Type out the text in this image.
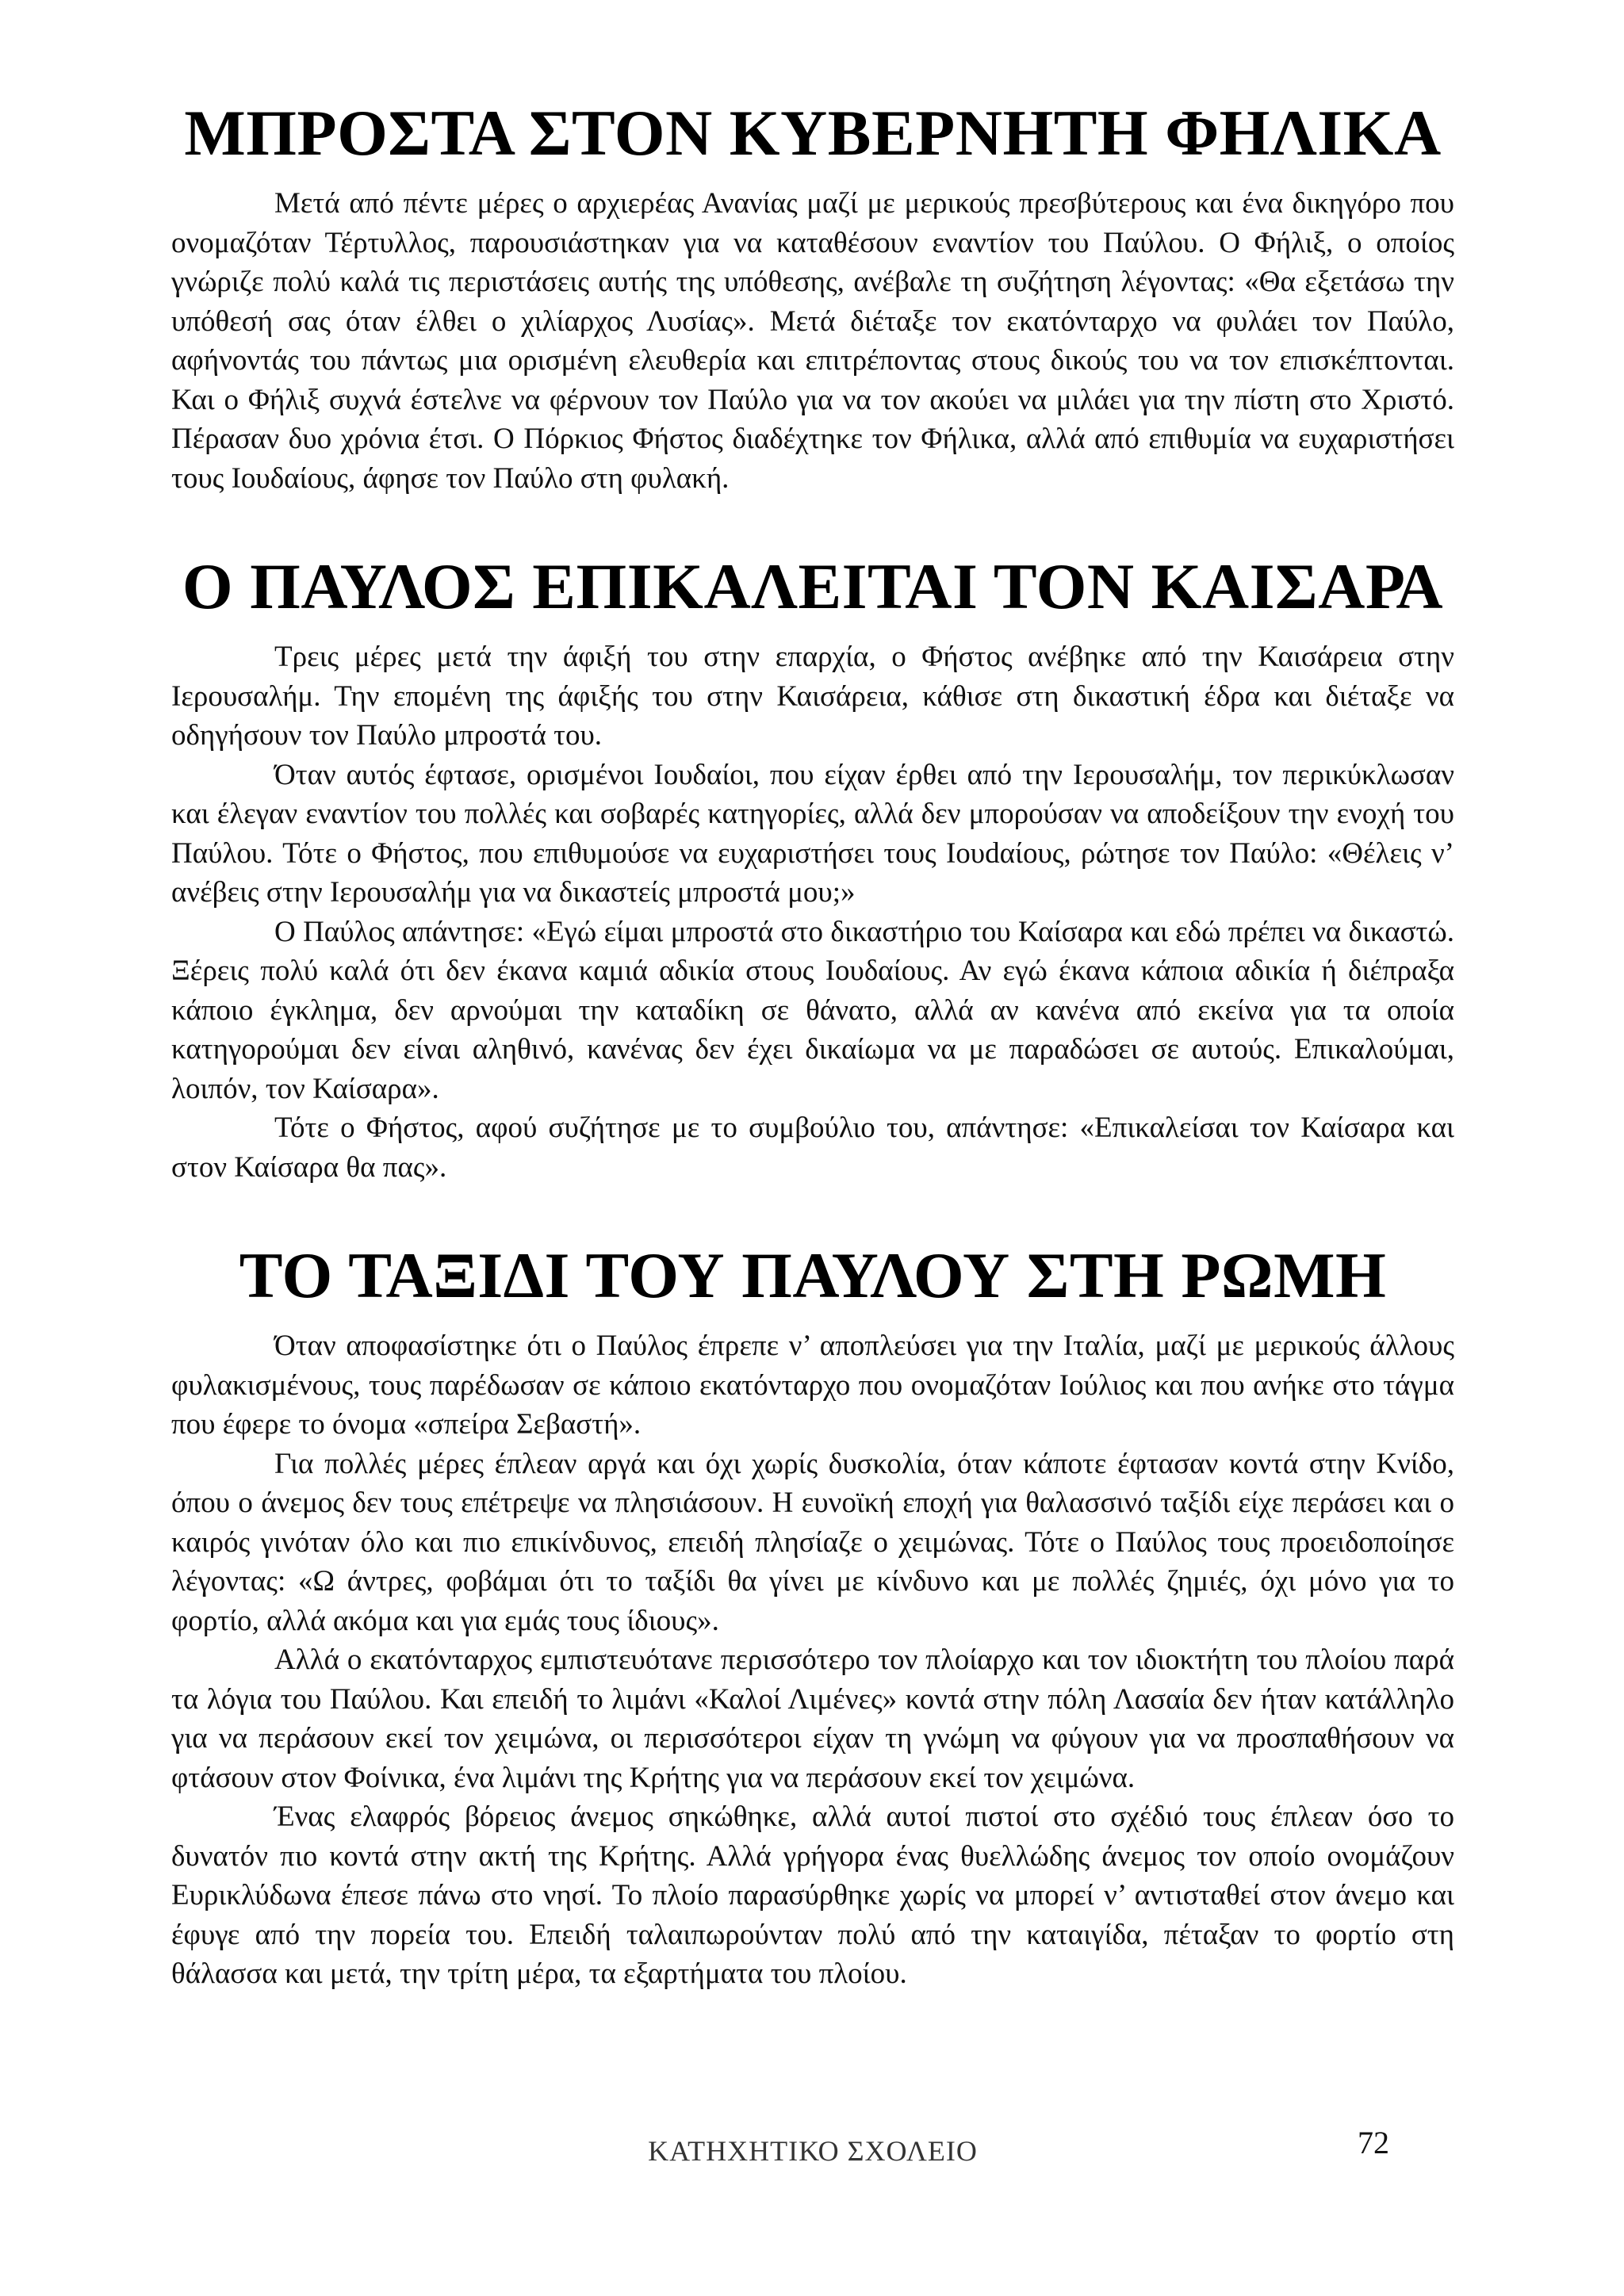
ΜΠΡΟΣΤΑ ΣΤΟΝ ΚΥΒΕΡΝΗΤΗ ΦΗΛΙΚΑ

Μετά από πέντε μέρες ο αρχιερέας Ανανίας μαζί με μερικούς πρεσβύτερους και ένα δικηγόρο που ονομαζόταν Τέρτυλλος, παρουσιάστηκαν για να καταθέσουν εναντίον του Παύλου. Ο Φήλιξ, ο οποίος γνώριζε πολύ καλά τις περιστάσεις αυτής της υπόθεσης, ανέβαλε τη συζήτηση λέγοντας: «Θα εξετάσω την υπόθεσή σας όταν έλθει ο χιλίαρχος Λυσίας». Μετά διέταξε τον εκατόνταρχο να φυλάει τον Παύλο, αφήνοντάς του πάντως μια ορισμένη ελευθερία και επιτρέποντας στους δικούς του να τον επισκέπτονται. Και ο Φήλιξ συχνά έστελνε να φέρνουν τον Παύλο για να τον ακούει να μιλάει για την πίστη στο Χριστό. Πέρασαν δυο χρόνια έτσι. Ο Πόρκιος Φήστος διαδέχτηκε τον Φήλικα, αλλά από επιθυμία να ευχαριστήσει τους Ιουδαίους, άφησε τον Παύλο στη φυλακή.

Ο ΠΑΥΛΟΣ ΕΠΙΚΑΛΕΙΤΑΙ ΤΟΝ ΚΑΙΣΑΡΑ

Τρεις μέρες μετά την άφιξή του στην επαρχία, ο Φήστος ανέβηκε από την Καισάρεια στην Ιερουσαλήμ. Την επομένη της άφιξής του στην Καισάρεια, κάθισε στη δικαστική έδρα και διέταξε να οδηγήσουν τον Παύλο μπροστά του.

Όταν αυτός έφτασε, ορισμένοι Ιουδαίοι, που είχαν έρθει από την Ιερουσαλήμ, τον περικύκλωσαν και έλεγαν εναντίον του πολλές και σοβαρές κατηγορίες, αλλά δεν μπορούσαν να αποδείξουν την ενοχή του Παύλου. Τότε ο Φήστος, που επιθυμούσε να ευχαριστήσει τους Ιουdαίους, ρώτησε τον Παύλο: «Θέλεις ν’ ανέβεις στην Ιερουσαλήμ για να δικαστείς μπροστά μου;»

Ο Παύλος απάντησε: «Εγώ είμαι μπροστά στο δικαστήριο του Καίσαρα και εδώ πρέπει να δικαστώ. Ξέρεις πολύ καλά ότι δεν έκανα καμιά αδικία στους Ιουδαίους. Αν εγώ έκανα κάποια αδικία ή διέπραξα κάποιο έγκλημα, δεν αρνούμαι την καταδίκη σε θάνατο, αλλά αν κανένα από εκείνα για τα οποία κατηγορούμαι δεν είναι αληθινό, κανένας δεν έχει δικαίωμα να με παραδώσει σε αυτούς. Επικαλούμαι, λοιπόν, τον Καίσαρα».

Τότε ο Φήστος, αφού συζήτησε με το συμβούλιο του, απάντησε: «Επικαλείσαι τον Καίσαρα και στον Καίσαρα θα πας».

ΤΟ ΤΑΞΙΔΙ ΤΟΥ ΠΑΥΛΟΥ ΣΤΗ ΡΩΜΗ

Όταν αποφασίστηκε ότι ο Παύλος έπρεπε ν’ αποπλεύσει για την Ιταλία, μαζί με μερικούς άλλους φυλακισμένους, τους παρέδωσαν σε κάποιο εκατόνταρχο που ονομαζόταν Ιούλιος και που ανήκε στο τάγμα που έφερε το όνομα «σπείρα Σεβαστή».

Για πολλές μέρες έπλεαν αργά και όχι χωρίς δυσκολία, όταν κάποτε έφτασαν κοντά στην Κνίδο, όπου ο άνεμος δεν τους επέτρεψε να πλησιάσουν. Η ευνοϊκή εποχή για θαλασσινό ταξίδι είχε περάσει και ο καιρός γινόταν όλο και πιο επικίνδυνος, επειδή πλησίαζε ο χειμώνας. Τότε ο Παύλος τους προειδοποίησε λέγοντας: «Ω άντρες, φοβάμαι ότι το ταξίδι θα γίνει με κίνδυνο και με πολλές ζημιές, όχι μόνο για το φορτίο, αλλά ακόμα και για εμάς τους ίδιους».

Αλλά ο εκατόνταρχος εμπιστευότανε περισσότερο τον πλοίαρχο και τον ιδιοκτήτη του πλοίου παρά τα λόγια του Παύλου. Και επειδή το λιμάνι «Καλοί Λιμένες» κοντά στην πόλη Λασαία δεν ήταν κατάλληλο για να περάσουν εκεί τον χειμώνα, οι περισσότεροι είχαν τη γνώμη να φύγουν για να προσπαθήσουν να φτάσουν στον Φοίνικα, ένα λιμάνι της Κρήτης για να περάσουν εκεί τον χειμώνα.

Ένας ελαφρός βόρειος άνεμος σηκώθηκε, αλλά αυτοί πιστοί στο σχέδιό τους έπλεαν όσο το δυνατόν πιο κοντά στην ακτή της Κρήτης. Αλλά γρήγορα ένας θυελλώδης άνεμος τον οποίο ονομάζουν Ευρικλύδωνα έπεσε πάνω στο νησί. Το πλοίο παρασύρθηκε χωρίς να μπορεί ν’ αντισταθεί στον άνεμο και έφυγε από την πορεία του. Επειδή ταλαιπωρούνταν πολύ από την καταιγίδα, πέταξαν το φορτίο στη θάλασσα και μετά, την τρίτη μέρα, τα εξαρτήματα του πλοίου.

ΚΑΤΗΧΗΤΙΚΟ ΣΧΟΛΕΙΟ	72
